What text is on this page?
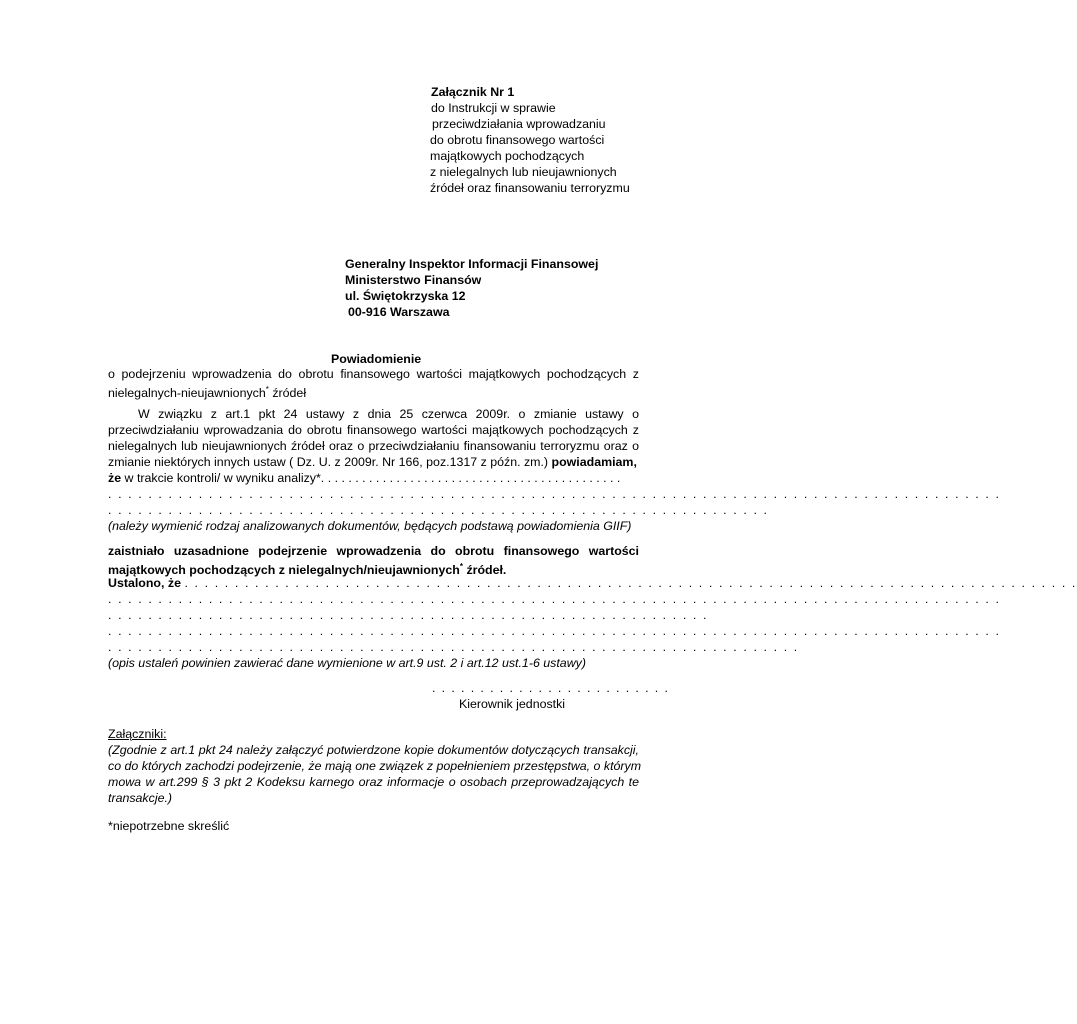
Załącznik Nr 1
do Instrukcji w sprawie
przeciwdziałania wprowadzaniu
do obrotu finansowego wartości
majątkowych pochodzących
z nielegalnych lub nieujawnionych
źródeł oraz finansowaniu terroryzmu
Generalny Inspektor Informacji Finansowej
Ministerstwo Finansów
ul. Świętokrzyska 12
00-916 Warszawa
Powiadomienie
o podejrzeniu wprowadzenia do obrotu finansowego wartości majątkowych pochodzących z
nielegalnych-nieujawnionych* źródeł
W związku z art.1 pkt 24 ustawy z dnia 25 czerwca 2009r. o zmianie ustawy o
przeciwdziałaniu wprowadzania do obrotu finansowego wartości majątkowych pochodzących z
nielegalnych lub nieujawnionych źródeł oraz o przeciwdziałaniu finansowaniu terroryzmu oraz o
zmianie niektórych innych ustaw ( Dz. U. z 2009r. Nr 166, poz.1317 z późn. zm.) powiadamiam,
że w trakcie kontroli/ w wyniku analizy*. . . . . . . . . . . . . . . . . . . . . . . . . . . . . . . . . . . . . . . . . . . .
. . . . . . . . . . . . . . . . . . . . . . . . . . . . . . . . . . . . . . . . . . . . . . . . . . . . . . . . . . . . . . . . . . . . . . . . . . . . . . . . . . . . . . . . .
. . . . . . . . . . . . . . . . . . . . . . . . . . . . . . . . . . . . . . . . . . . . . . . . . . . . . . . . . . . . . . . . . .
(należy wymienić rodzaj analizowanych dokumentów, będących podstawą powiadomienia GIIF)
zaistniało uzasadnione podejrzenie wprowadzenia do obrotu finansowego wartości
majątkowych pochodzących z nielegalnych/nieujawnionych* źródeł.
Ustalono, że . . . . . . . . . . . . . . . . . . . . . . . . . . . . . . . . . . . . . . . . . . . . . . . . . . . . . . . . . . . . . . . . . . . . . . . . . . . . . . . . . . . . . . . . .
. . . . . . . . . . . . . . . . . . . . . . . . . . . . . . . . . . . . . . . . . . . . . . . . . . . . . . . . . . . . . . . . . . . . . . . . . . . . . . . . . . . . . . . . .
. . . . . . . . . . . . . . . . . . . . . . . . . . . . . . . . . . . . . . . . . . . . . . . . . . . . . . . . . . . .
. . . . . . . . . . . . . . . . . . . . . . . . . . . . . . . . . . . . . . . . . . . . . . . . . . . . . . . . . . . . . . . . . . . . . . . . . . . . . . . . . . . . . . . . .
. . . . . . . . . . . . . . . . . . . . . . . . . . . . . . . . . . . . . . . . . . . . . . . . . . . . . . . . . . . . . . . . . . . . .
(opis ustaleń powinien zawierać dane wymienione w art.9 ust. 2 i art.12 ust.1-6 ustawy)
. . . . . . . . . . . . . . . . . . . . . . . . .
Kierownik jednostki
Załączniki:
(Zgodnie z art.1 pkt 24 należy załączyć potwierdzone kopie dokumentów dotyczących transakcji,
co do których zachodzi podejrzenie, że mają one związek z popełnieniem przestępstwa, o którym
mowa w art.299 § 3 pkt 2 Kodeksu karnego oraz informacje o osobach przeprowadzających te
transakcje.)
*niepotrzebne skreślić
